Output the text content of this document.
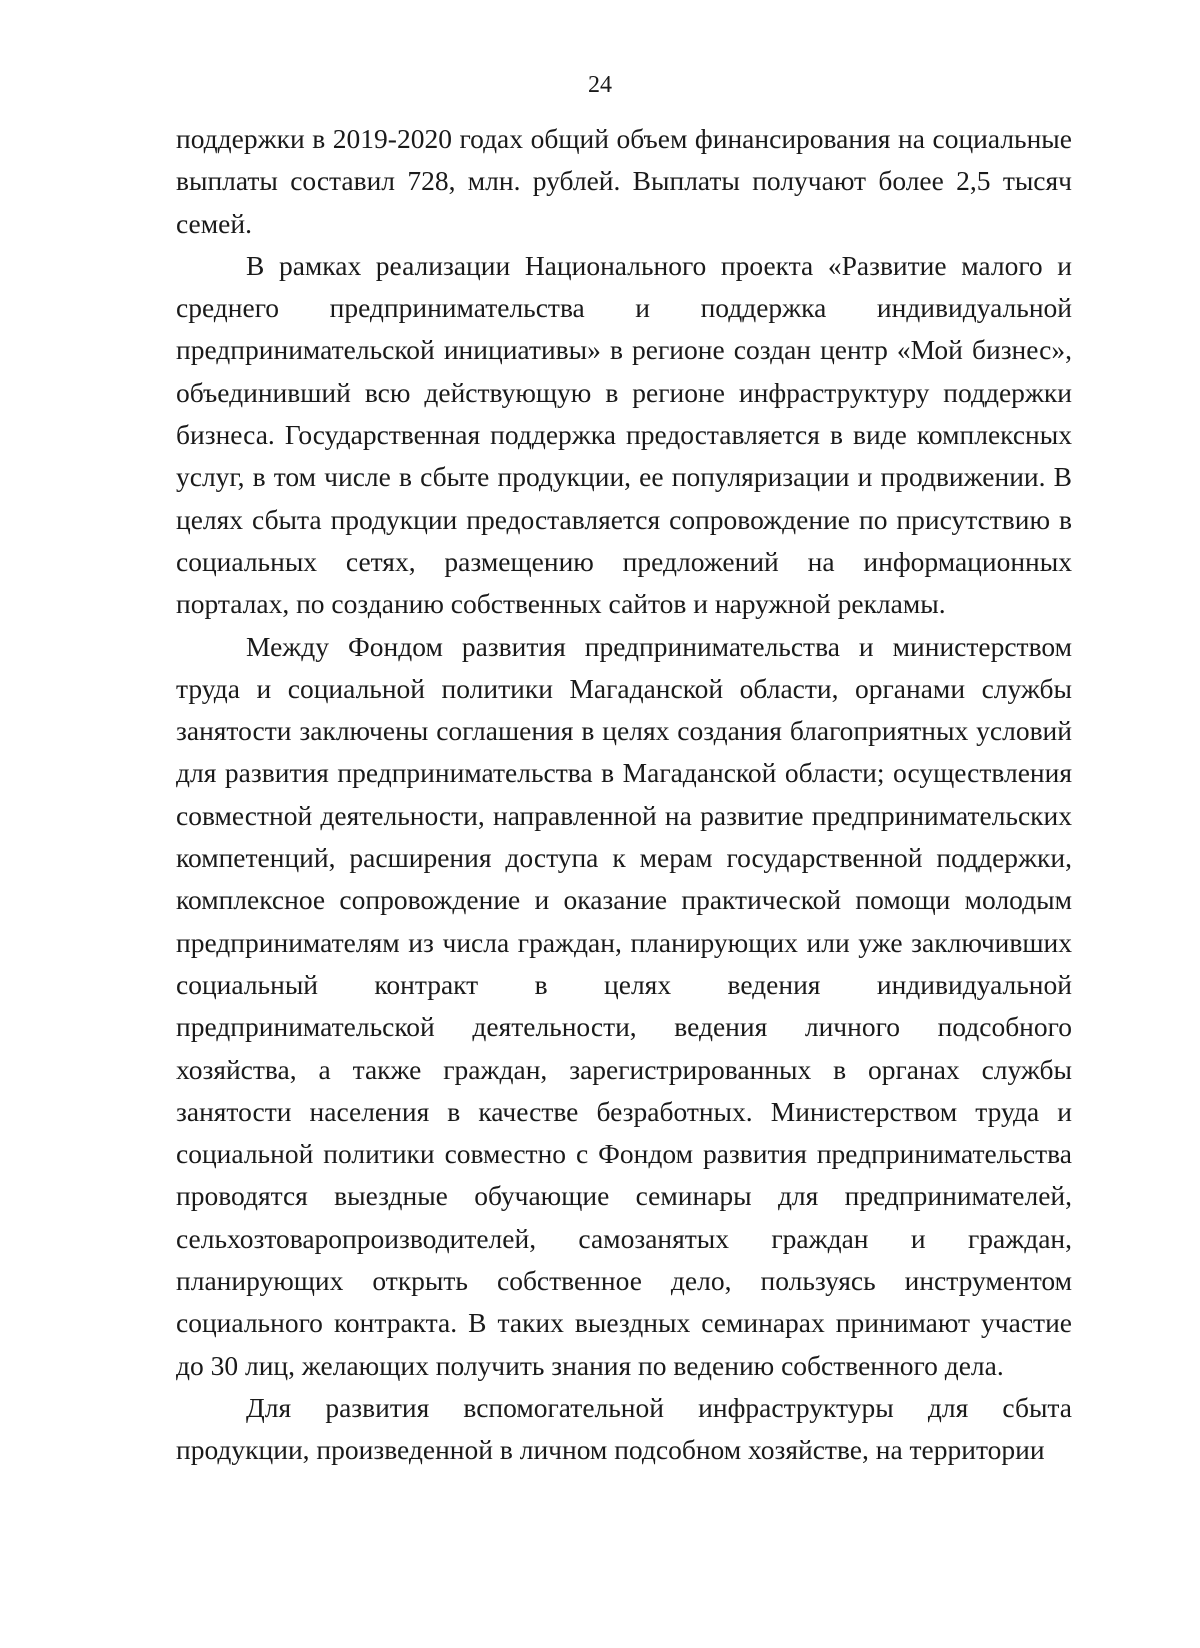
24

поддержки в 2019-2020 годах общий объем финансирования на социальные выплаты составил 728, млн. рублей. Выплаты получают более 2,5 тысяч семей.

В рамках реализации Национального проекта «Развитие малого и среднего предпринимательства и поддержка индивидуальной предпринимательской инициативы» в регионе создан центр «Мой бизнес», объединивший всю действующую в регионе инфраструктуру поддержки бизнеса. Государственная поддержка предоставляется в виде комплексных услуг, в том числе в сбыте продукции, ее популяризации и продвижении. В целях сбыта продукции предоставляется сопровождение по присутствию в социальных сетях, размещению предложений на информационных порталах, по созданию собственных сайтов и наружной рекламы.

Между Фондом развития предпринимательства и министерством труда и социальной политики Магаданской области, органами службы занятости заключены соглашения в целях создания благоприятных условий для развития предпринимательства в Магаданской области; осуществления совместной деятельности, направленной на развитие предпринимательских компетенций, расширения доступа к мерам государственной поддержки, комплексное сопровождение и оказание практической помощи молодым предпринимателям из числа граждан, планирующих или уже заключивших социальный контракт в целях ведения индивидуальной предпринимательской деятельности, ведения личного подсобного хозяйства, а также граждан, зарегистрированных в органах службы занятости населения в качестве безработных. Министерством труда и социальной политики совместно с Фондом развития предпринимательства проводятся выездные обучающие семинары для предпринимателей, сельхозтоваропроизводителей, самозанятых граждан и граждан, планирующих открыть собственное дело, пользуясь инструментом социального контракта. В таких выездных семинарах принимают участие до 30 лиц, желающих получить знания по ведению собственного дела.

Для развития вспомогательной инфраструктуры для сбыта продукции, произведенной в личном подсобном хозяйстве, на территории
